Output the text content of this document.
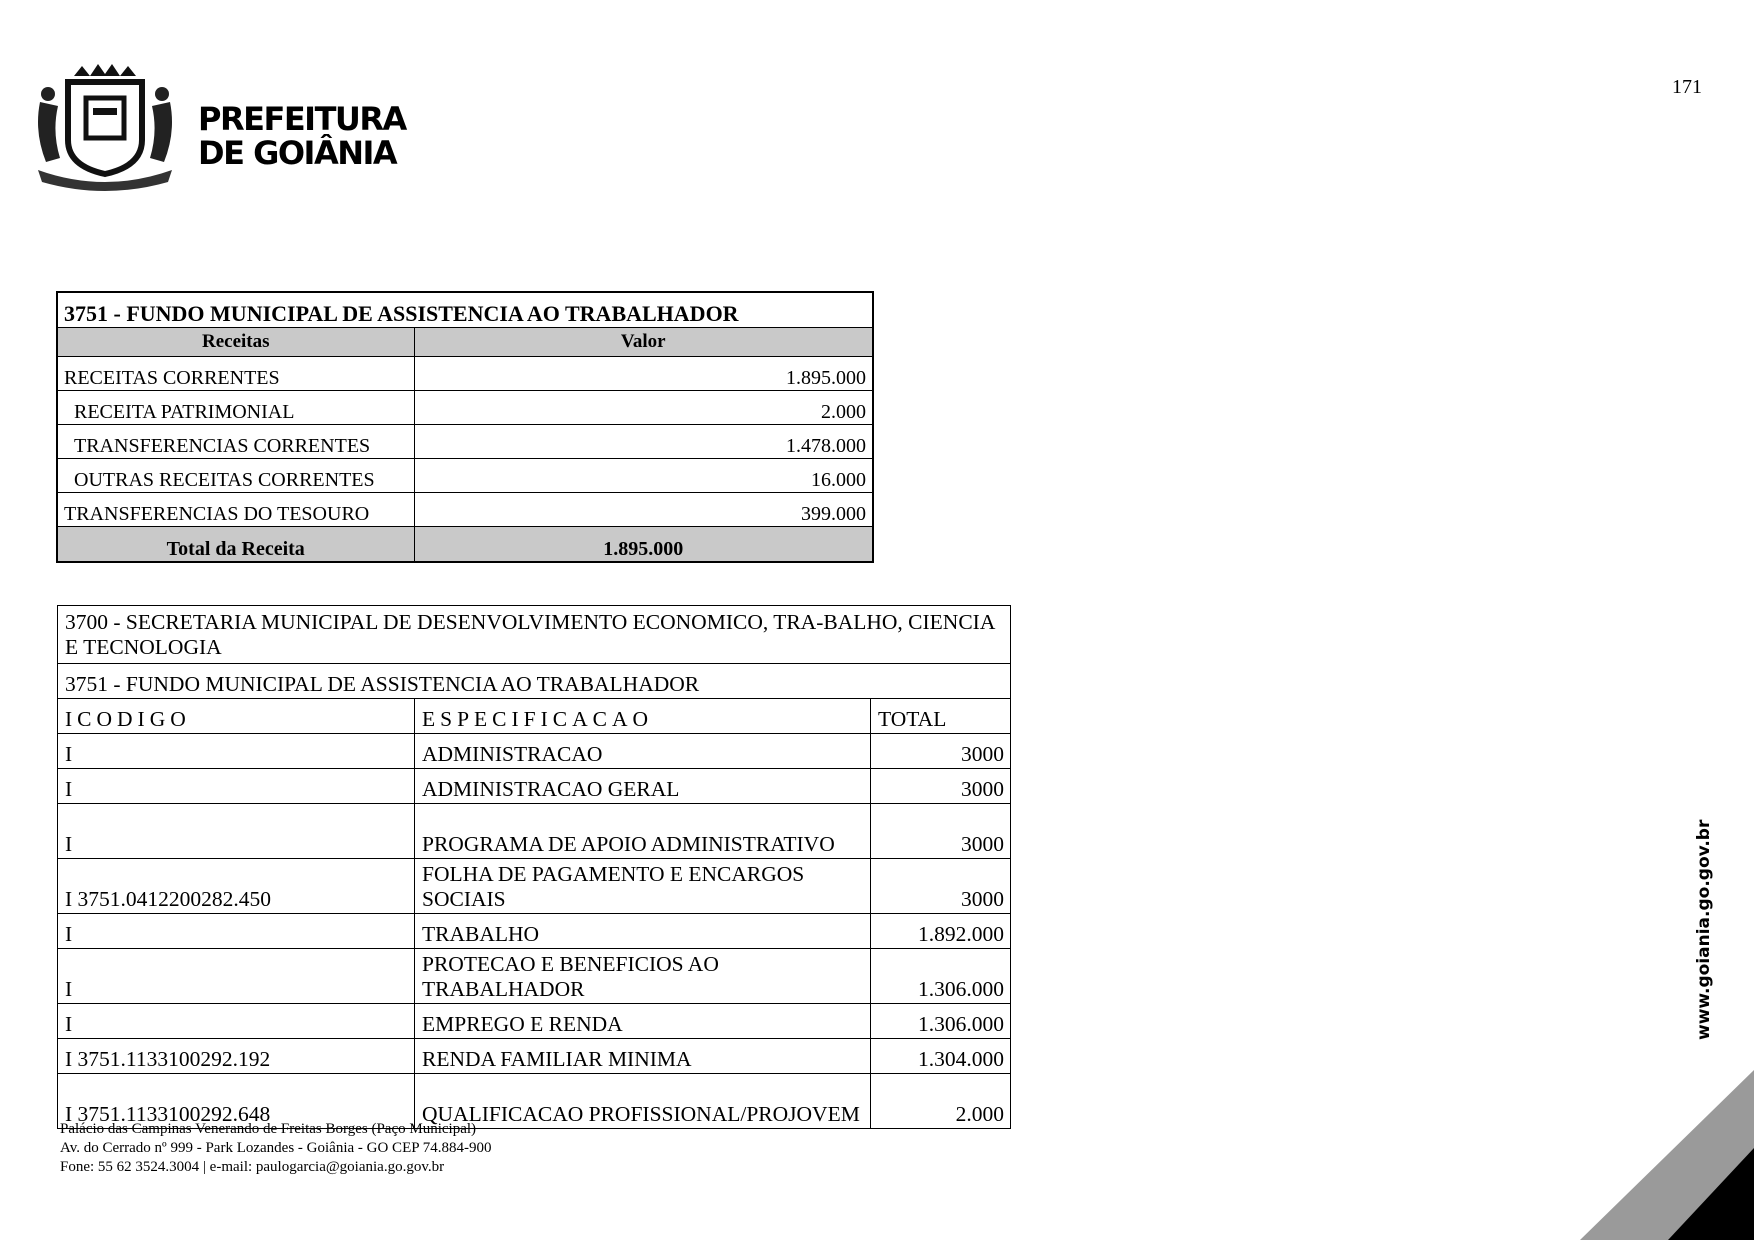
PREFEITURA
DE GOIÂNIA
171
3751 - FUNDO MUNICIPAL DE ASSISTENCIA AO TRABALHADOR	
Receitas	Valor
RECEITAS CORRENTES	1.895.000
RECEITA PATRIMONIAL	2.000
TRANSFERENCIAS CORRENTES	1.478.000
OUTRAS RECEITAS CORRENTES	16.000
TRANSFERENCIAS DO TESOURO	399.000
Total da Receita	1.895.000
3700 - SECRETARIA MUNICIPAL DE DESENVOLVIMENTO ECONOMICO, TRA-BALHO, CIENCIA E TECNOLOGIA		
3751 - FUNDO MUNICIPAL DE ASSISTENCIA AO TRABALHADOR		
ICODIGO	ESPECIFICACAO	TOTAL
I	ADMINISTRACAO	3000
I	ADMINISTRACAO GERAL	3000
I	PROGRAMA DE APOIO ADMINISTRATIVO	3000
I 3751.0412200282.450	FOLHA DE PAGAMENTO E ENCARGOS SOCIAIS	3000
I	TRABALHO	1.892.000
I	PROTECAO E BENEFICIOS AO TRABALHADOR	1.306.000
I	EMPREGO E RENDA	1.306.000
I 3751.1133100292.192	RENDA FAMILIAR MINIMA	1.304.000
I 3751.1133100292.648	QUALIFICACAO PROFISSIONAL/PROJOVEM	2.000
Palácio das Campinas Venerando de Freitas Borges (Paço Municipal)
Av. do Cerrado nº 999 - Park Lozandes - Goiânia - GO CEP 74.884-900
Fone: 55 62 3524.3004 | e-mail: paulogarcia@goiania.go.gov.br
www.goiania.go.gov.br
